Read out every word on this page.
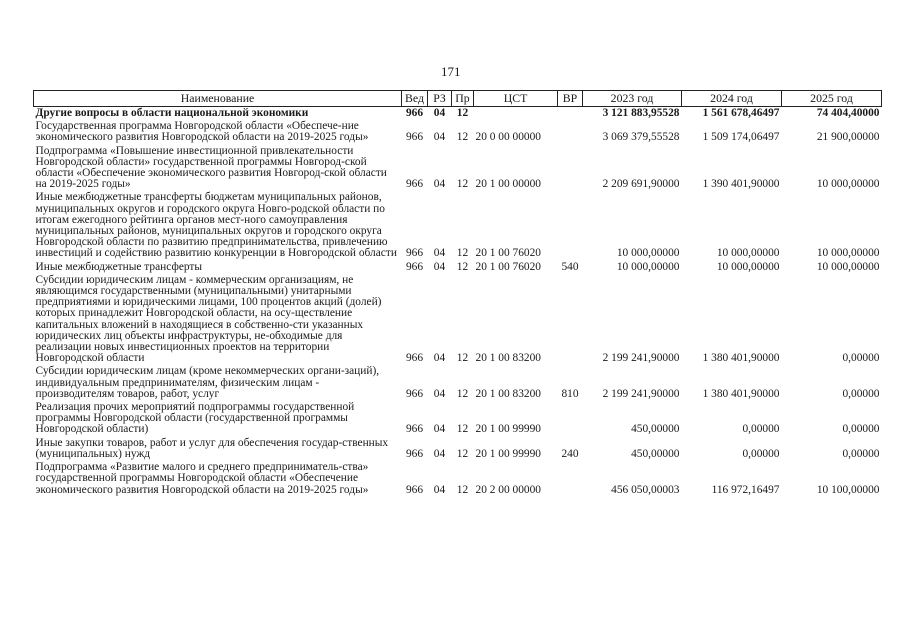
171
Наименование	Вед	РЗ	Пр	ЦСТ	ВР	2023 год	2024 год	2025 год
Другие вопросы в области национальной экономики	966	04	12			3 121 883,95528	1 561 678,46497	74 404,40000
Государственная программа Новгородской области «Обеспече-ние экономического развития Новгородской области на 2019-2025 годы»	966	04	12	20 0 00 00000		3 069 379,55528	1 509 174,06497	21 900,00000
Подпрограмма «Повышение инвестиционной привлекательности Новгородской области» государственной программы Новгород-ской области «Обеспечение экономического развития Новгород-ской области на 2019-2025 годы»	966	04	12	20 1 00 00000		2 209 691,90000	1 390 401,90000	10 000,00000
Иные межбюджетные трансферты бюджетам муниципальных районов, муниципальных округов и городского округа Новго-родской области по итогам ежегодного рейтинга органов мест-ного самоуправления муниципальных районов, муниципальных округов и городского округа Новгородской области по развитию предпринимательства, привлечению инвестиций и содействию развитию конкуренции в Новгородской области	966	04	12	20 1 00 76020		10 000,00000	10 000,00000	10 000,00000
Иные межбюджетные трансферты	966	04	12	20 1 00 76020	540	10 000,00000	10 000,00000	10 000,00000
Субсидии юридическим лицам - коммерческим организациям, не являющимся государственными (муниципальными) унитарными предприятиями и юридическими лицами, 100 процентов акций (долей) которых принадлежит Новгородской области, на осу-ществление капитальных вложений в находящиеся в собственно-сти указанных юридических лиц объекты инфраструктуры, не-обходимые для реализации новых инвестиционных проектов на территории Новгородской области	966	04	12	20 1 00 83200		2 199 241,90000	1 380 401,90000	0,00000
Субсидии юридическим лицам (кроме некоммерческих органи-заций), индивидуальным предпринимателям, физическим лицам - производителям товаров, работ, услуг	966	04	12	20 1 00 83200	810	2 199 241,90000	1 380 401,90000	0,00000
Реализация прочих мероприятий подпрограммы государственной программы Новгородской области (государственной программы Новгородской области)	966	04	12	20 1 00 99990		450,00000	0,00000	0,00000
Иные закупки товаров, работ и услуг для обеспечения государ-ственных (муниципальных) нужд	966	04	12	20 1 00 99990	240	450,00000	0,00000	0,00000
Подпрограмма «Развитие малого и среднего предприниматель-ства» государственной программы Новгородской области «Обеспечение экономического развития Новгородской области на 2019-2025 годы»	966	04	12	20 2 00 00000		456 050,00003	116 972,16497	10 100,00000
